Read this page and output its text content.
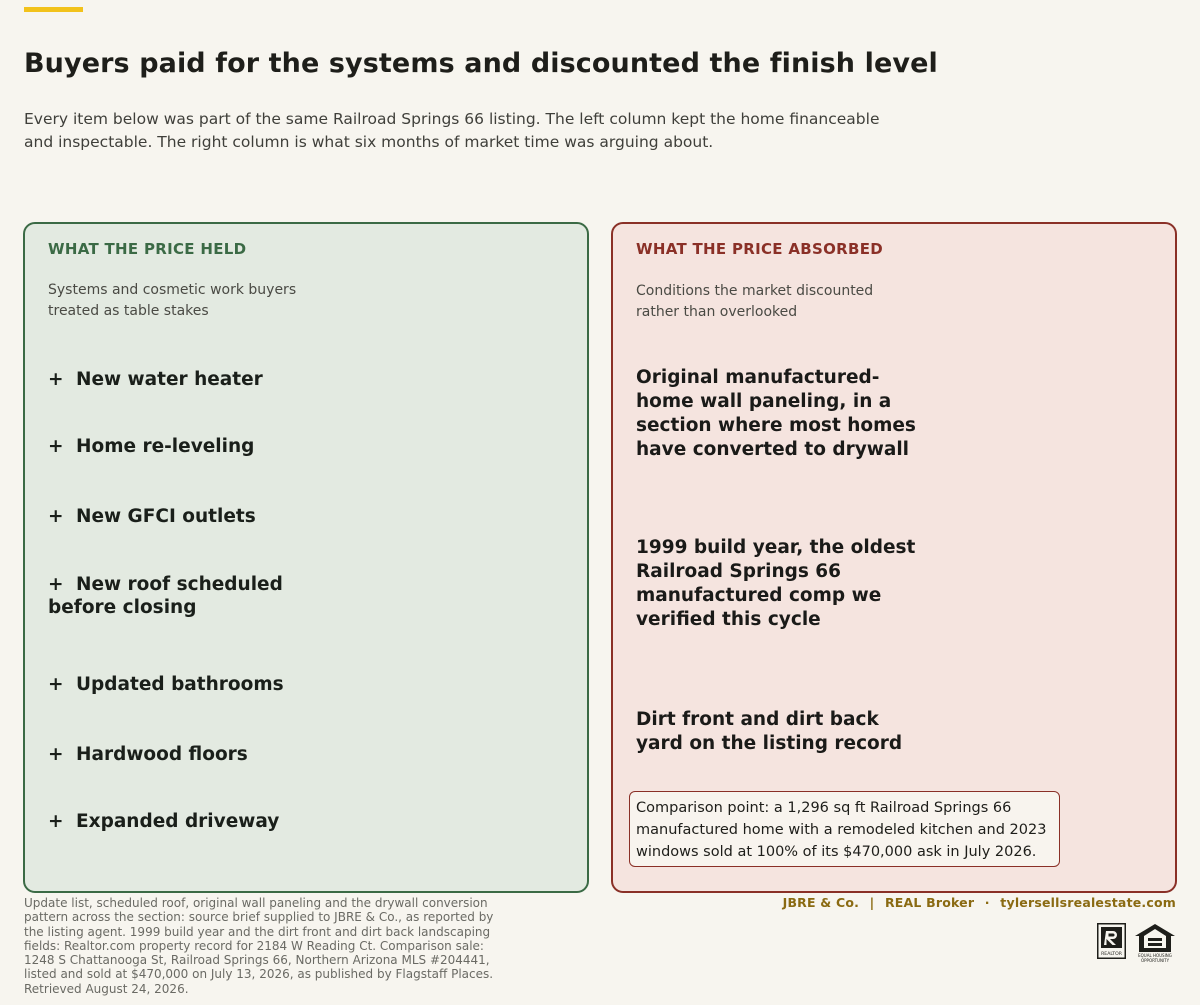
Buyers paid for the systems and discounted the finish level

Every item below was part of the same Railroad Springs 66 listing. The left column kept the home financeable and inspectable. The right column is what six months of market time was arguing about.

WHAT THE PRICE HELD
Systems and cosmetic work buyers treated as table stakes
+ New water heater
+ Home re-leveling
+ New GFCI outlets
+ New roof scheduled before closing
+ Updated bathrooms
+ Hardwood floors
+ Expanded driveway
WHAT THE PRICE ABSORBED
Conditions the market discounted rather than overlooked
Original manufactured-home wall paneling, in a section where most homes have converted to drywall
1999 build year, the oldest Railroad Springs 66 manufactured comp we verified this cycle
Dirt front and dirt back yard on the listing record
Comparison point: a 1,296 sq ft Railroad Springs 66 manufactured home with a remodeled kitchen and 2023 windows sold at 100% of its $470,000 ask in July 2026.

Update list, scheduled roof, original wall paneling and the drywall conversion pattern across the section: source brief supplied to JBRE & Co., as reported by the listing agent. 1999 build year and the dirt front and dirt back landscaping fields: Realtor.com property record for 2184 W Reading Ct. Comparison sale: 1248 S Chattanooga St, Railroad Springs 66, Northern Arizona MLS #204441, listed and sold at $470,000 on July 13, 2026, as published by Flagstaff Places. Retrieved August 24, 2026.

JBRE & Co. | REAL Broker · tylersellsrealestate.com
REALTOR	EQUAL HOUSING
OPPORTUNITY
